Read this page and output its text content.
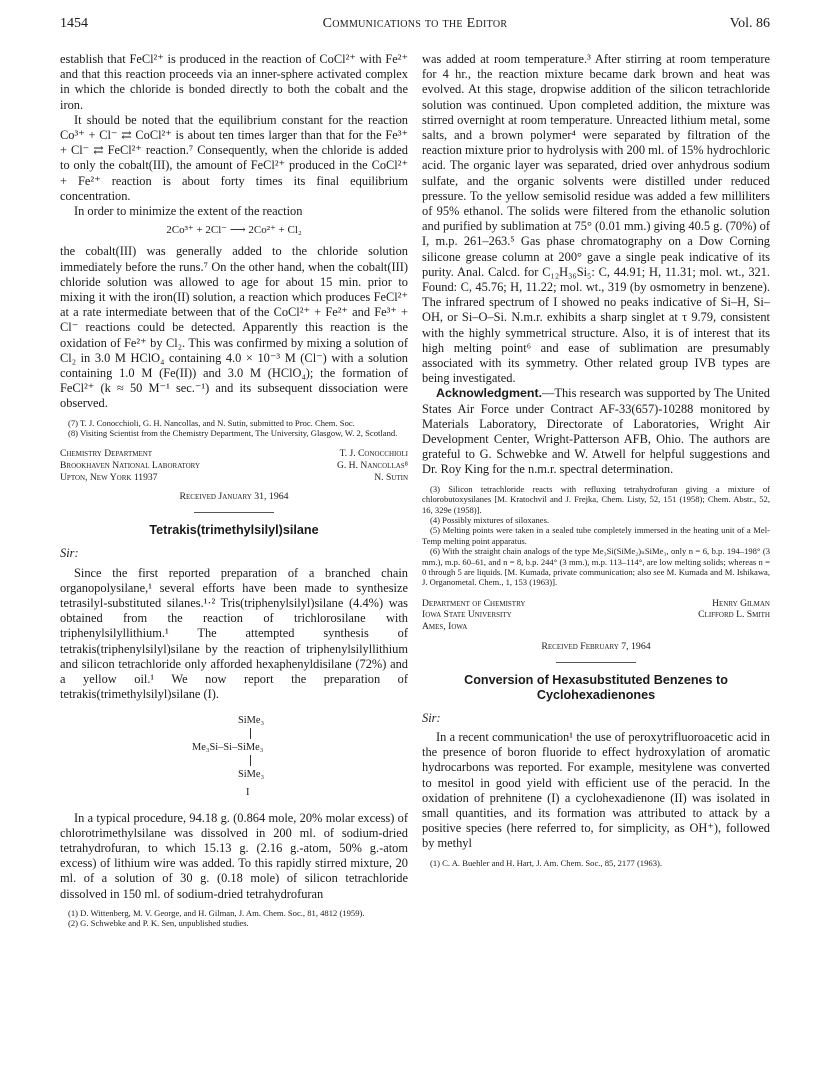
1454	Communications to the Editor	Vol. 86

establish that FeCl²⁺ is produced in the reaction of CoCl²⁺ with Fe²⁺ and that this reaction proceeds via an inner-sphere activated complex in which the chloride is bonded directly to both the cobalt and the iron.

It should be noted that the equilibrium constant for the reaction Co³⁺ + Cl⁻ ⇄ CoCl²⁺ is about ten times larger than that for the Fe³⁺ + Cl⁻ ⇄ FeCl²⁺ reaction.⁷ Consequently, when the chloride is added to only the cobalt(III), the amount of FeCl²⁺ produced in the CoCl²⁺ + Fe²⁺ reaction is about forty times its final equilibrium concentration.

In order to minimize the extent of the reaction

2Co³⁺ + 2Cl⁻ ⟶ 2Co²⁺ + Cl₂

the cobalt(III) was generally added to the chloride solution immediately before the runs.⁷ On the other hand, when the cobalt(III) chloride solution was allowed to age for about 15 min. prior to mixing it with the iron(II) solution, a reaction which produces FeCl²⁺ at a rate intermediate between that of the CoCl²⁺ + Fe²⁺ and Fe³⁺ + Cl⁻ reactions could be detected. Apparently this reaction is the oxidation of Fe²⁺ by Cl₂. This was confirmed by mixing a solution of Cl₂ in 3.0 M HClO₄ containing 4.0 × 10⁻³ M (Cl⁻) with a solution containing 1.0 M (Fe(II)) and 3.0 M (HClO₄); the formation of FeCl²⁺ (k ≈ 50 M⁻¹ sec.⁻¹) and its subsequent dissociation were observed.

(7) T. J. Conocchioli, G. H. Nancollas, and N. Sutin, submitted to Proc. Chem. Soc.

(8) Visiting Scientist from the Chemistry Department, The University, Glasgow, W. 2, Scotland.

Chemistry Department	T. J. Conocchioli
Brookhaven National Laboratory	G. H. Nancollas⁸
Upton, New York 11937	N. Sutin
Received January 31, 1964
Tetrakis(trimethylsilyl)silane
Sir:

Since the first reported preparation of a branched chain organopolysilane,¹ several efforts have been made to synthesize tetrasilyl-substituted silanes.¹·² Tris(triphenylsilyl)silane (4.4%) was obtained from the reaction of trichlorosilane with triphenylsilyllithium.¹ The attempted synthesis of tetrakis(triphenylsilyl)silane by the reaction of triphenylsilyllithium and silicon tetrachloride only afforded hexaphenyldisilane (72%) and a yellow oil.¹ We now report the preparation of tetrakis(trimethylsilyl)silane (I).

SiMe₃
Me₃Si–Si–SiMe₃
SiMe₃
I

In a typical procedure, 94.18 g. (0.864 mole, 20% molar excess) of chlorotrimethylsilane was dissolved in 200 ml. of sodium-dried tetrahydrofuran, to which 15.13 g. (2.16 g.-atom, 50% g.-atom excess) of lithium wire was added. To this rapidly stirred mixture, 20 ml. of a solution of 30 g. (0.18 mole) of silicon tetrachloride dissolved in 150 ml. of sodium-dried tetrahydrofuran

(1) D. Wittenberg, M. V. George, and H. Gilman, J. Am. Chem. Soc., 81, 4812 (1959).

(2) G. Schwebke and P. K. Sen, unpublished studies.

was added at room temperature.³ After stirring at room temperature for 4 hr., the reaction mixture became dark brown and heat was evolved. At this stage, dropwise addition of the silicon tetrachloride solution was continued. Upon completed addition, the mixture was stirred overnight at room temperature. Unreacted lithium metal, some salts, and a brown polymer⁴ were separated by filtration of the reaction mixture prior to hydrolysis with 200 ml. of 15% hydrochloric acid. The organic layer was separated, dried over anhydrous sodium sulfate, and the organic solvents were distilled under reduced pressure. To the yellow semisolid residue was added a few milliliters of 95% ethanol. The solids were filtered from the ethanolic solution and purified by sublimation at 75° (0.01 mm.) giving 40.5 g. (70%) of I, m.p. 261–263.⁵ Gas phase chromatography on a Dow Corning silicone grease column at 200° gave a single peak indicative of its purity. Anal. Calcd. for C₁₂H₃₆Si₅: C, 44.91; H, 11.31; mol. wt., 321. Found: C, 45.76; H, 11.22; mol. wt., 319 (by osmometry in benzene). The infrared spectrum of I showed no peaks indicative of Si–H, Si–OH, or Si–O–Si. N.m.r. exhibits a sharp singlet at τ 9.79, consistent with the highly symmetrical structure. Also, it is of interest that its high melting point⁶ and ease of sublimation are presumably associated with its symmetry. Other related group IVB types are being investigated.

Acknowledgment.—This research was supported by The United States Air Force under Contract AF-33(657)-10288 monitored by Materials Laboratory, Directorate of Laboratories, Wright Air Development Center, Wright-Patterson AFB, Ohio. The authors are grateful to G. Schwebke and W. Atwell for helpful suggestions and Dr. Roy King for the n.m.r. spectral determination.

(3) Silicon tetrachloride reacts with refluxing tetrahydrofuran giving a mixture of chlorobutoxysilanes [M. Kratochvil and J. Frejka, Chem. Listy, 52, 151 (1958); Chem. Abstr., 52, 16, 329e (1958)].

(4) Possibly mixtures of siloxanes.

(5) Melting points were taken in a sealed tube completely immersed in the heating unit of a Mel-Temp melting point apparatus.

(6) With the straight chain analogs of the type Me₃Si(SiMe₂)ₙSiMe₃, only n = 6, b.p. 194–198° (3 mm.), m.p. 60–61, and n = 8, b.p. 244° (3 mm.), m.p. 113–114°, are low melting solids; whereas n = 0 through 5 are liquids. [M. Kumada, private communication; also see M. Kumada and M. Ishikawa, J. Organometal. Chem., 1, 153 (1963)].

Department of Chemistry	Henry Gilman
Iowa State University	Clifford L. Smith
Ames, Iowa
Received February 7, 1964
Conversion of Hexasubstituted Benzenes to Cyclohexadienones
Sir:

In a recent communication¹ the use of peroxytrifluoroacetic acid in the presence of boron fluoride to effect hydroxylation of aromatic hydrocarbons was reported. For example, mesitylene was converted to mesitol in good yield with efficient use of the peracid. In the oxidation of prehnitene (I) a cyclohexadienone (II) was isolated in small quantities, and its formation was attributed to attack by a positive species (here referred to, for simplicity, as OH⁺), followed by methyl

(1) C. A. Buehler and H. Hart, J. Am. Chem. Soc., 85, 2177 (1963).
